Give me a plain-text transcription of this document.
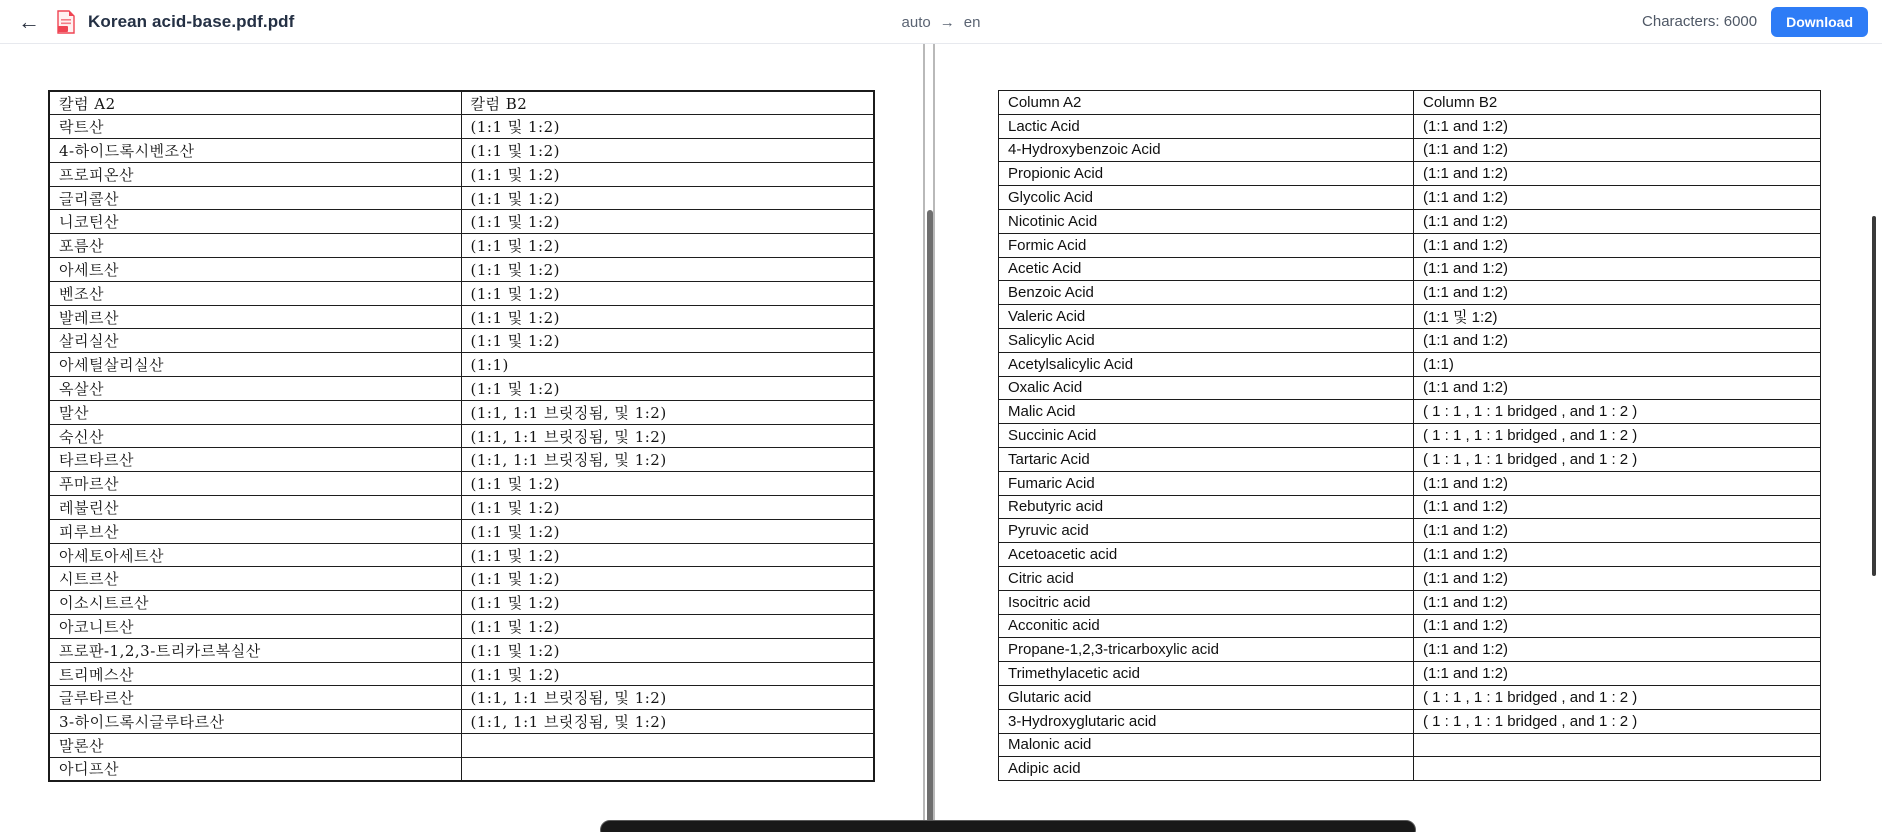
←	Korean acid-base.pdf.pdf	auto → en	Characters: 6000	Download
칼럼 A2	칼럼 B2
락트산	(1:1 및 1:2)
4-하이드록시벤조산	(1:1 및 1:2)
프로피온산	(1:1 및 1:2)
글리콜산	(1:1 및 1:2)
니코틴산	(1:1 및 1:2)
포름산	(1:1 및 1:2)
아세트산	(1:1 및 1:2)
벤조산	(1:1 및 1:2)
발레르산	(1:1 및 1:2)
살리실산	(1:1 및 1:2)
아세틸살리실산	(1:1)
옥살산	(1:1 및 1:2)
말산	(1:1, 1:1 브릿징됨, 및 1:2)
숙신산	(1:1, 1:1 브릿징됨, 및 1:2)
타르타르산	(1:1, 1:1 브릿징됨, 및 1:2)
푸마르산	(1:1 및 1:2)
레불린산	(1:1 및 1:2)
피루브산	(1:1 및 1:2)
아세토아세트산	(1:1 및 1:2)
시트르산	(1:1 및 1:2)
이소시트르산	(1:1 및 1:2)
아코니트산	(1:1 및 1:2)
프로판-1,2,3-트리카르복실산	(1:1 및 1:2)
트리메스산	(1:1 및 1:2)
글루타르산	(1:1, 1:1 브릿징됨, 및 1:2)
3-하이드록시글루타르산	(1:1, 1:1 브릿징됨, 및 1:2)
말론산	
아디프산	
Column A2	Column B2
Lactic Acid	(1:1 and 1:2)
4-Hydroxybenzoic Acid	(1:1 and 1:2)
Propionic Acid	(1:1 and 1:2)
Glycolic Acid	(1:1 and 1:2)
Nicotinic Acid	(1:1 and 1:2)
Formic Acid	(1:1 and 1:2)
Acetic Acid	(1:1 and 1:2)
Benzoic Acid	(1:1 and 1:2)
Valeric Acid	(1:1 및 1:2)
Salicylic Acid	(1:1 and 1:2)
Acetylsalicylic Acid	(1:1)
Oxalic Acid	(1:1 and 1:2)
Malic Acid	( 1 : 1 , 1 : 1 bridged , and 1 : 2 )
Succinic Acid	( 1 : 1 , 1 : 1 bridged , and 1 : 2 )
Tartaric Acid	( 1 : 1 , 1 : 1 bridged , and 1 : 2 )
Fumaric Acid	(1:1 and 1:2)
Rebutyric acid	(1:1 and 1:2)
Pyruvic acid	(1:1 and 1:2)
Acetoacetic acid	(1:1 and 1:2)
Citric acid	(1:1 and 1:2)
Isocitric acid	(1:1 and 1:2)
Acconitic acid	(1:1 and 1:2)
Propane-1,2,3-tricarboxylic acid	(1:1 and 1:2)
Trimethylacetic acid	(1:1 and 1:2)
Glutaric acid	( 1 : 1 , 1 : 1 bridged , and 1 : 2 )
3-Hydroxyglutaric acid	( 1 : 1 , 1 : 1 bridged , and 1 : 2 )
Malonic acid	
Adipic acid	
